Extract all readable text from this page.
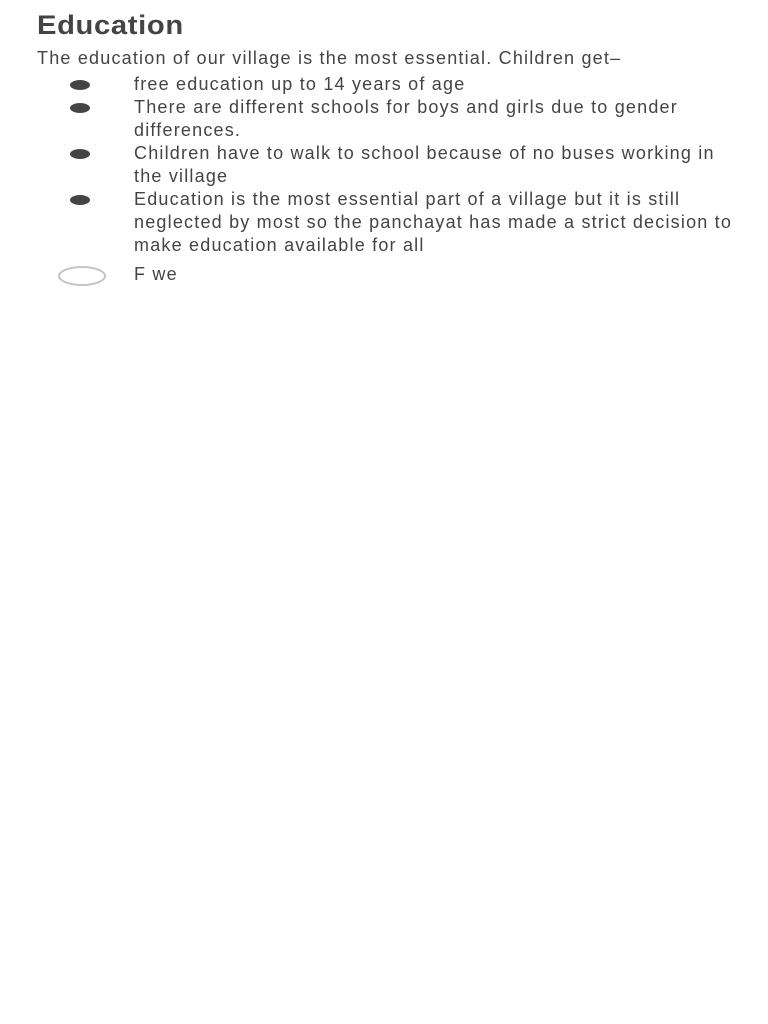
Education

The education of our village is the most essential. Children get–

free education up to 14 years of age
There are different schools for boys and girls due to gender differences.
Children have to walk to school because of no buses working in the village
Education is the most essential part of a village but it is still neglected by most so the panchayat has made a strict decision to make education available for all
F we
